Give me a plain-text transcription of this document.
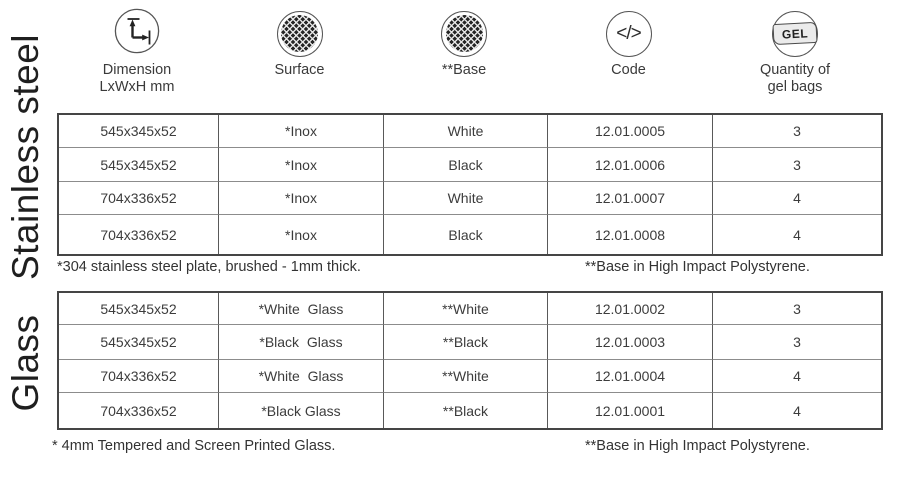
Stainless steel
Glass
Dimension
LxWxH mm
Surface	**Base
</>
Code
GEL
Quantity of
gel bags
545x345x52	*Inox	White	12.01.0005	3
545x345x52	*Inox	Black	12.01.0006	3
704x336x52	*Inox	White	12.01.0007	4
704x336x52	*Inox	Black	12.01.0008	4
*304 stainless steel plate, brushed - 1mm thick.	**Base in High Impact Polystyrene.
545x345x52	*White  Glass	**White	12.01.0002	3
545x345x52	*Black  Glass	**Black	12.01.0003	3
704x336x52	*White  Glass	**White	12.01.0004	4
704x336x52	*Black Glass	**Black	12.01.0001	4
* 4mm Tempered and Screen Printed Glass.	**Base in High Impact Polystyrene.
